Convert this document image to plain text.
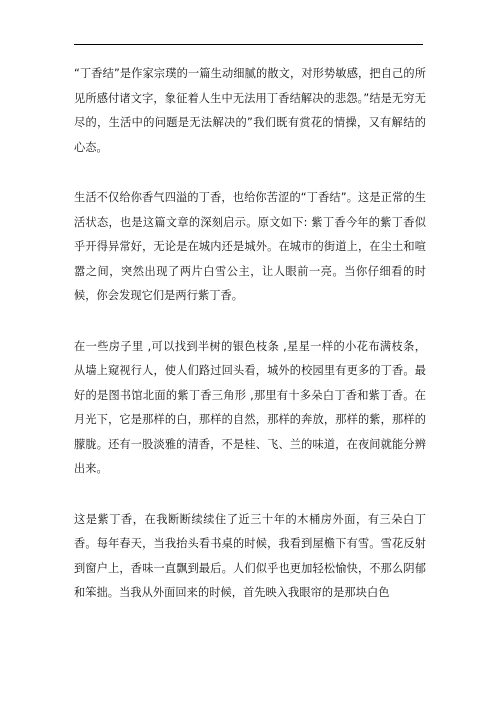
“丁香结”是作家宗璞的一篇生动细腻的散文，对形势敏感，把自己的所见所感付诸文字，象征着人生中无法用丁香结解决的悲怨。”结是无穷无尽的，生活中的问题是无法解决的”我们既有赏花的情操，又有解结的心态。

生活不仅给你香气四溢的丁香，也给你苦涩的“丁香结”。这是正常的生活状态，也是这篇文章的深刻启示。原文如下: 紫丁香今年的紫丁香似乎开得异常好，无论是在城内还是城外。在城市的街道上，在尘土和喧嚣之间，突然出现了两片白雪公主，让人眼前一亮。当你仔细看的时候，你会发现它们是两行紫丁香。

在一些房子里 ,可以找到半树的银色枝条 ,星星一样的小花布满枝条，从墙上窥视行人，使人们路过回头看，城外的校园里有更多的丁香。最好的是图书馆北面的紫丁香三角形 ,那里有十多朵白丁香和紫丁香。在月光下，它是那样的白，那样的自然，那样的奔放，那样的紫，那样的朦胧。还有一股淡雅的清香，不是桂、飞、兰的味道，在夜间就能分辨出来。

这是紫丁香，在我断断续续住了近三十年的木桶房外面，有三朵白丁香。每年春天，当我抬头看书桌的时候，我看到屋檐下有雪。雪花反射到窗户上，香味一直飘到最后。人们似乎也更加轻松愉快，不那么阴郁和笨拙。当我从外面回来的时候，首先映入我眼帘的是那块白色
